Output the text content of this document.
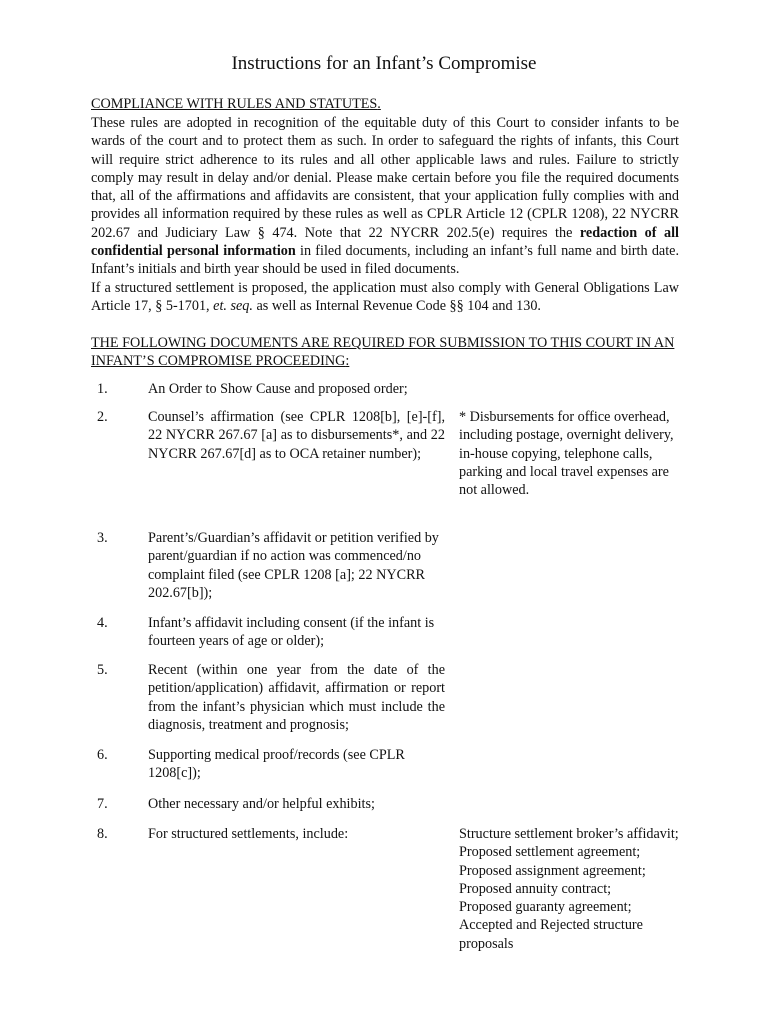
Instructions for an Infant’s Compromise
COMPLIANCE WITH RULES AND STATUTES.

These rules are adopted in recognition of the equitable duty of this Court to consider infants to be wards of the court and to protect them as such. In order to safeguard the rights of infants, this Court will require strict adherence to its rules and all other applicable laws and rules. Failure to strictly comply may result in delay and/or denial. Please make certain before you file the required documents that, all of the affirmations and affidavits are consistent, that your application fully complies with and provides all information required by these rules as well as CPLR Article 12 (CPLR 1208), 22 NYCRR 202.67 and Judiciary Law § 474. Note that 22 NYCRR 202.5(e) requires the redaction of all confidential personal information in filed documents, including an infant’s full name and birth date. Infant’s initials and birth year should be used in filed documents.

If a structured settlement is proposed, the application must also comply with General Obligations Law Article 17, § 5-1701, et. seq. as well as Internal Revenue Code §§ 104 and 130.

THE FOLLOWING DOCUMENTS ARE REQUIRED FOR SUBMISSION TO THIS COURT IN AN INFANT’S COMPROMISE PROCEEDING:
1.	An Order to Show Cause and proposed order;
2.	Counsel’s affirmation (see CPLR 1208[b], [e]-[f], 22 NYCRR 267.67 [a] as to disbursements*, and 22 NYCRR 267.67[d] as to OCA retainer number);
* Disbursements for office overhead, including postage, overnight delivery, in-house copying, telephone calls, parking and local travel expenses are not allowed.
3.	Parent’s/Guardian’s affidavit or petition verified by parent/guardian if no action was commenced/no complaint filed (see CPLR 1208 [a]; 22 NYCRR 202.67[b]);
4.	Infant’s affidavit including consent (if the infant is fourteen years of age or older);
5.	Recent (within one year from the date of the petition/application) affidavit, affirmation or report from the infant’s physician which must include the diagnosis, treatment and prognosis;
6.	Supporting medical proof/records (see CPLR 1208[c]);
7.	Other necessary and/or helpful exhibits;
8.	For structured settlements, include:	Structure settlement broker’s affidavit;
Proposed settlement agreement;
Proposed assignment agreement;
Proposed annuity contract;
Proposed guaranty agreement;
Accepted and Rejected structure proposals
